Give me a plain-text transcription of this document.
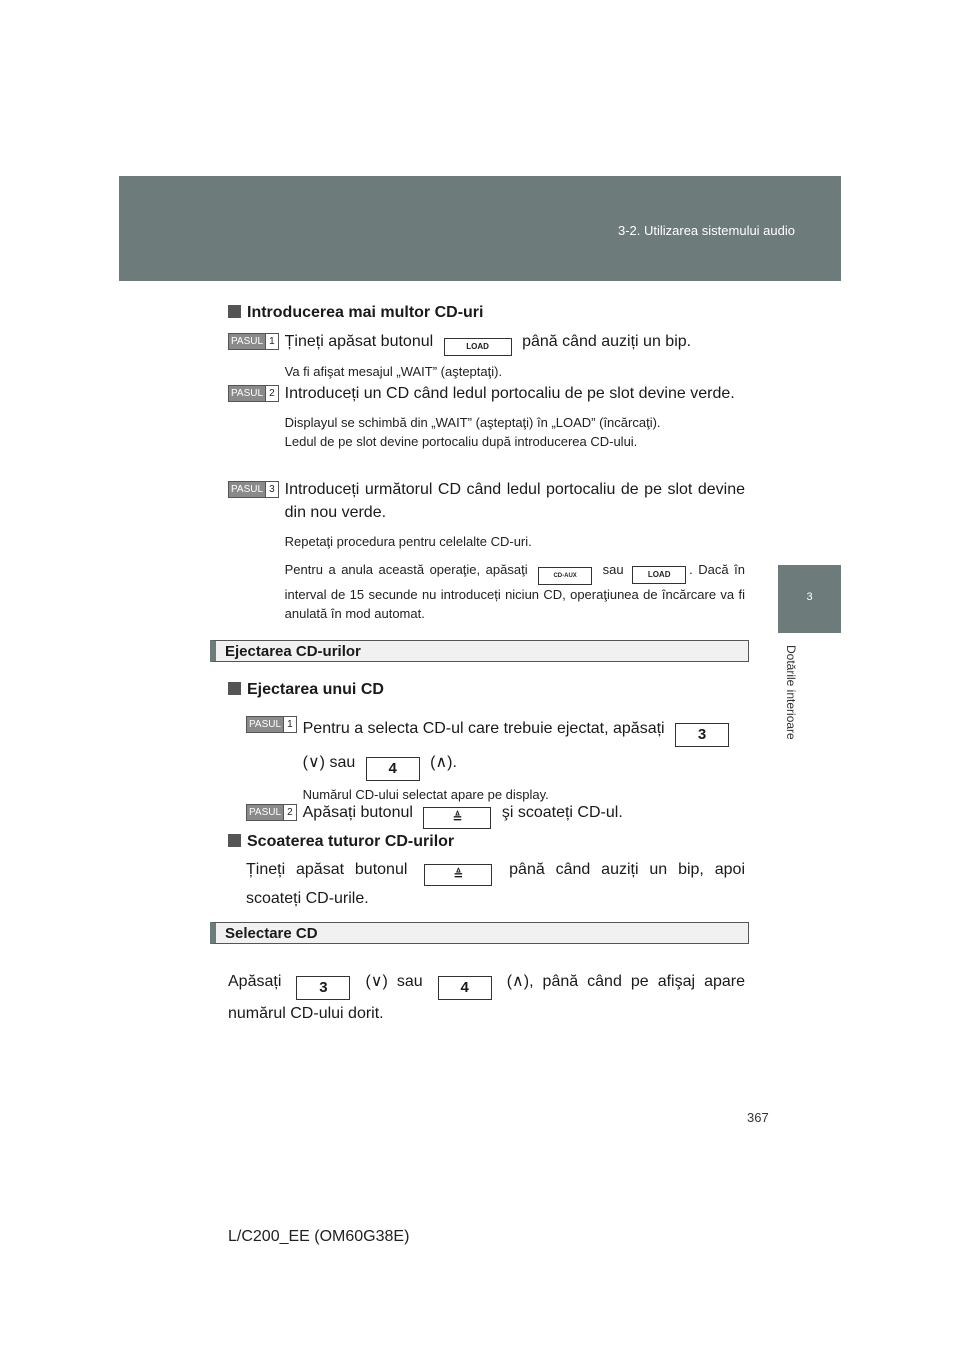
3-2. Utilizarea sistemului audio
3
Dotările interioare
Introducerea mai multor CD-uri
PASUL 1 Țineți apăsat butonul	LOAD până când auziți un bip.
Va fi afişat mesajul „WAIT” (aşteptaţi).
PASUL 2 Introduceți un CD când ledul portocaliu de pe slot devine verde.
Displayul se schimbă din „WAIT” (aşteptaţi) în „LOAD” (încărcaţi).
Ledul de pe slot devine portocaliu după introducerea CD-ului.
PASUL 3 Introduceți următorul CD când ledul portocaliu de pe slot devine din nou verde.
Repetaţi procedura pentru celelalte CD-uri.
Pentru a anula această operaţie, apăsaţi	CD-AUX sau	LOAD . Dacă în interval de 15 secunde nu introduceți niciun CD, operaţiunea de încărcare va fi anulată în mod automat.
Ejectarea CD-urilor
Ejectarea unui CD
PASUL 1 Pentru a selecta CD-ul care trebuie ejectat, apăsați 3
(∨) sau 4 (∧).
Numărul CD-ului selectat apare pe display.
PASUL 2 Apăsați butonul	≜ şi scoateți CD-ul.
Scoaterea tuturor CD-urilor
Țineți apăsat butonul	≜	până când auziți un bip, apoi scoateți CD-urile.
Selectare CD
Apăsați	3 (∨) sau	4 (∧), până când pe afişaj apare numărul CD-ului dorit.
367
L/C200_EE (OM60G38E)
